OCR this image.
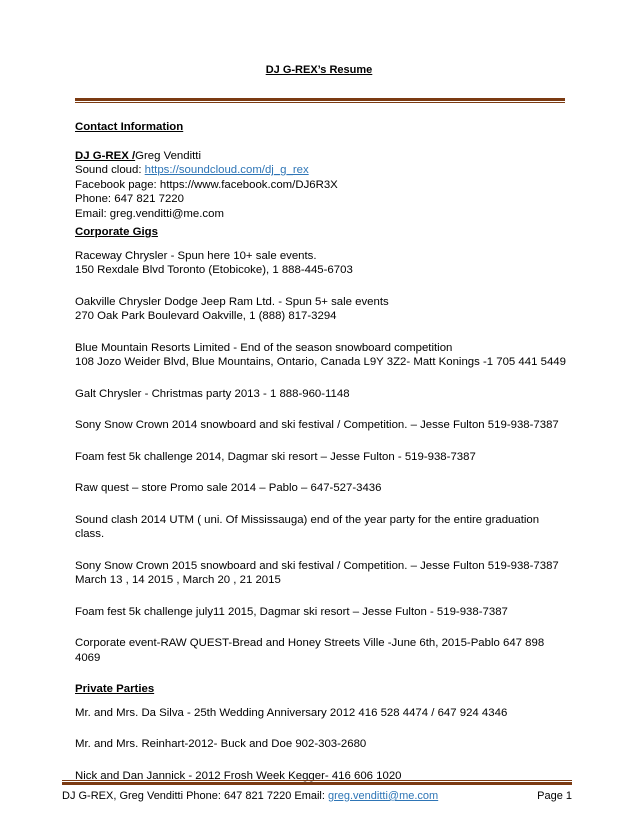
DJ G-REX’s Resume

Contact Information

DJ G-REX /Greg Venditti

Sound cloud: https://soundcloud.com/dj_g_rex

Facebook page: https://www.facebook.com/DJ6R3X

Phone: 647 821 7220

Email: greg.venditti@me.com

Corporate Gigs

Raceway Chrysler - Spun here 10+ sale events.

150 Rexdale Blvd Toronto (Etobicoke), 1 888-445-6703

Oakville Chrysler Dodge Jeep Ram Ltd. - Spun 5+ sale events

270 Oak Park Boulevard Oakville, 1 (888) 817-3294

Blue Mountain Resorts Limited - End of the season snowboard competition

108 Jozo Weider Blvd, Blue Mountains, Ontario, Canada L9Y 3Z2- Matt Konings -1 705 441 5449

Galt Chrysler - Christmas party 2013 - 1 888-960-1148

Sony Snow Crown 2014 snowboard and ski festival / Competition. – Jesse Fulton 519-938-7387

Foam fest 5k challenge 2014, Dagmar ski resort – Jesse Fulton - 519-938-7387

Raw quest – store Promo sale 2014 – Pablo – 647-527-3436

Sound clash 2014 UTM ( uni. Of Mississauga) end of the year party for the entire graduation class.

Sony Snow Crown 2015 snowboard and ski festival / Competition. – Jesse Fulton 519-938-7387

March 13 , 14 2015 , March 20 , 21 2015

Foam fest 5k challenge july11 2015, Dagmar ski resort – Jesse Fulton - 519-938-7387

Corporate event-RAW QUEST-Bread and Honey Streets Ville -June 6th, 2015-Pablo 647 898 4069

Private Parties

Mr. and Mrs. Da Silva - 25th Wedding Anniversary 2012 416 528 4474 / 647 924 4346

Mr. and Mrs. Reinhart-2012- Buck and Doe 902-303-2680

Nick and Dan Jannick - 2012 Frosh Week Kegger- 416 606 1020

DJ G-REX, Greg Venditti Phone: 647 821 7220 Email: greg.venditti@me.com	Page 1
